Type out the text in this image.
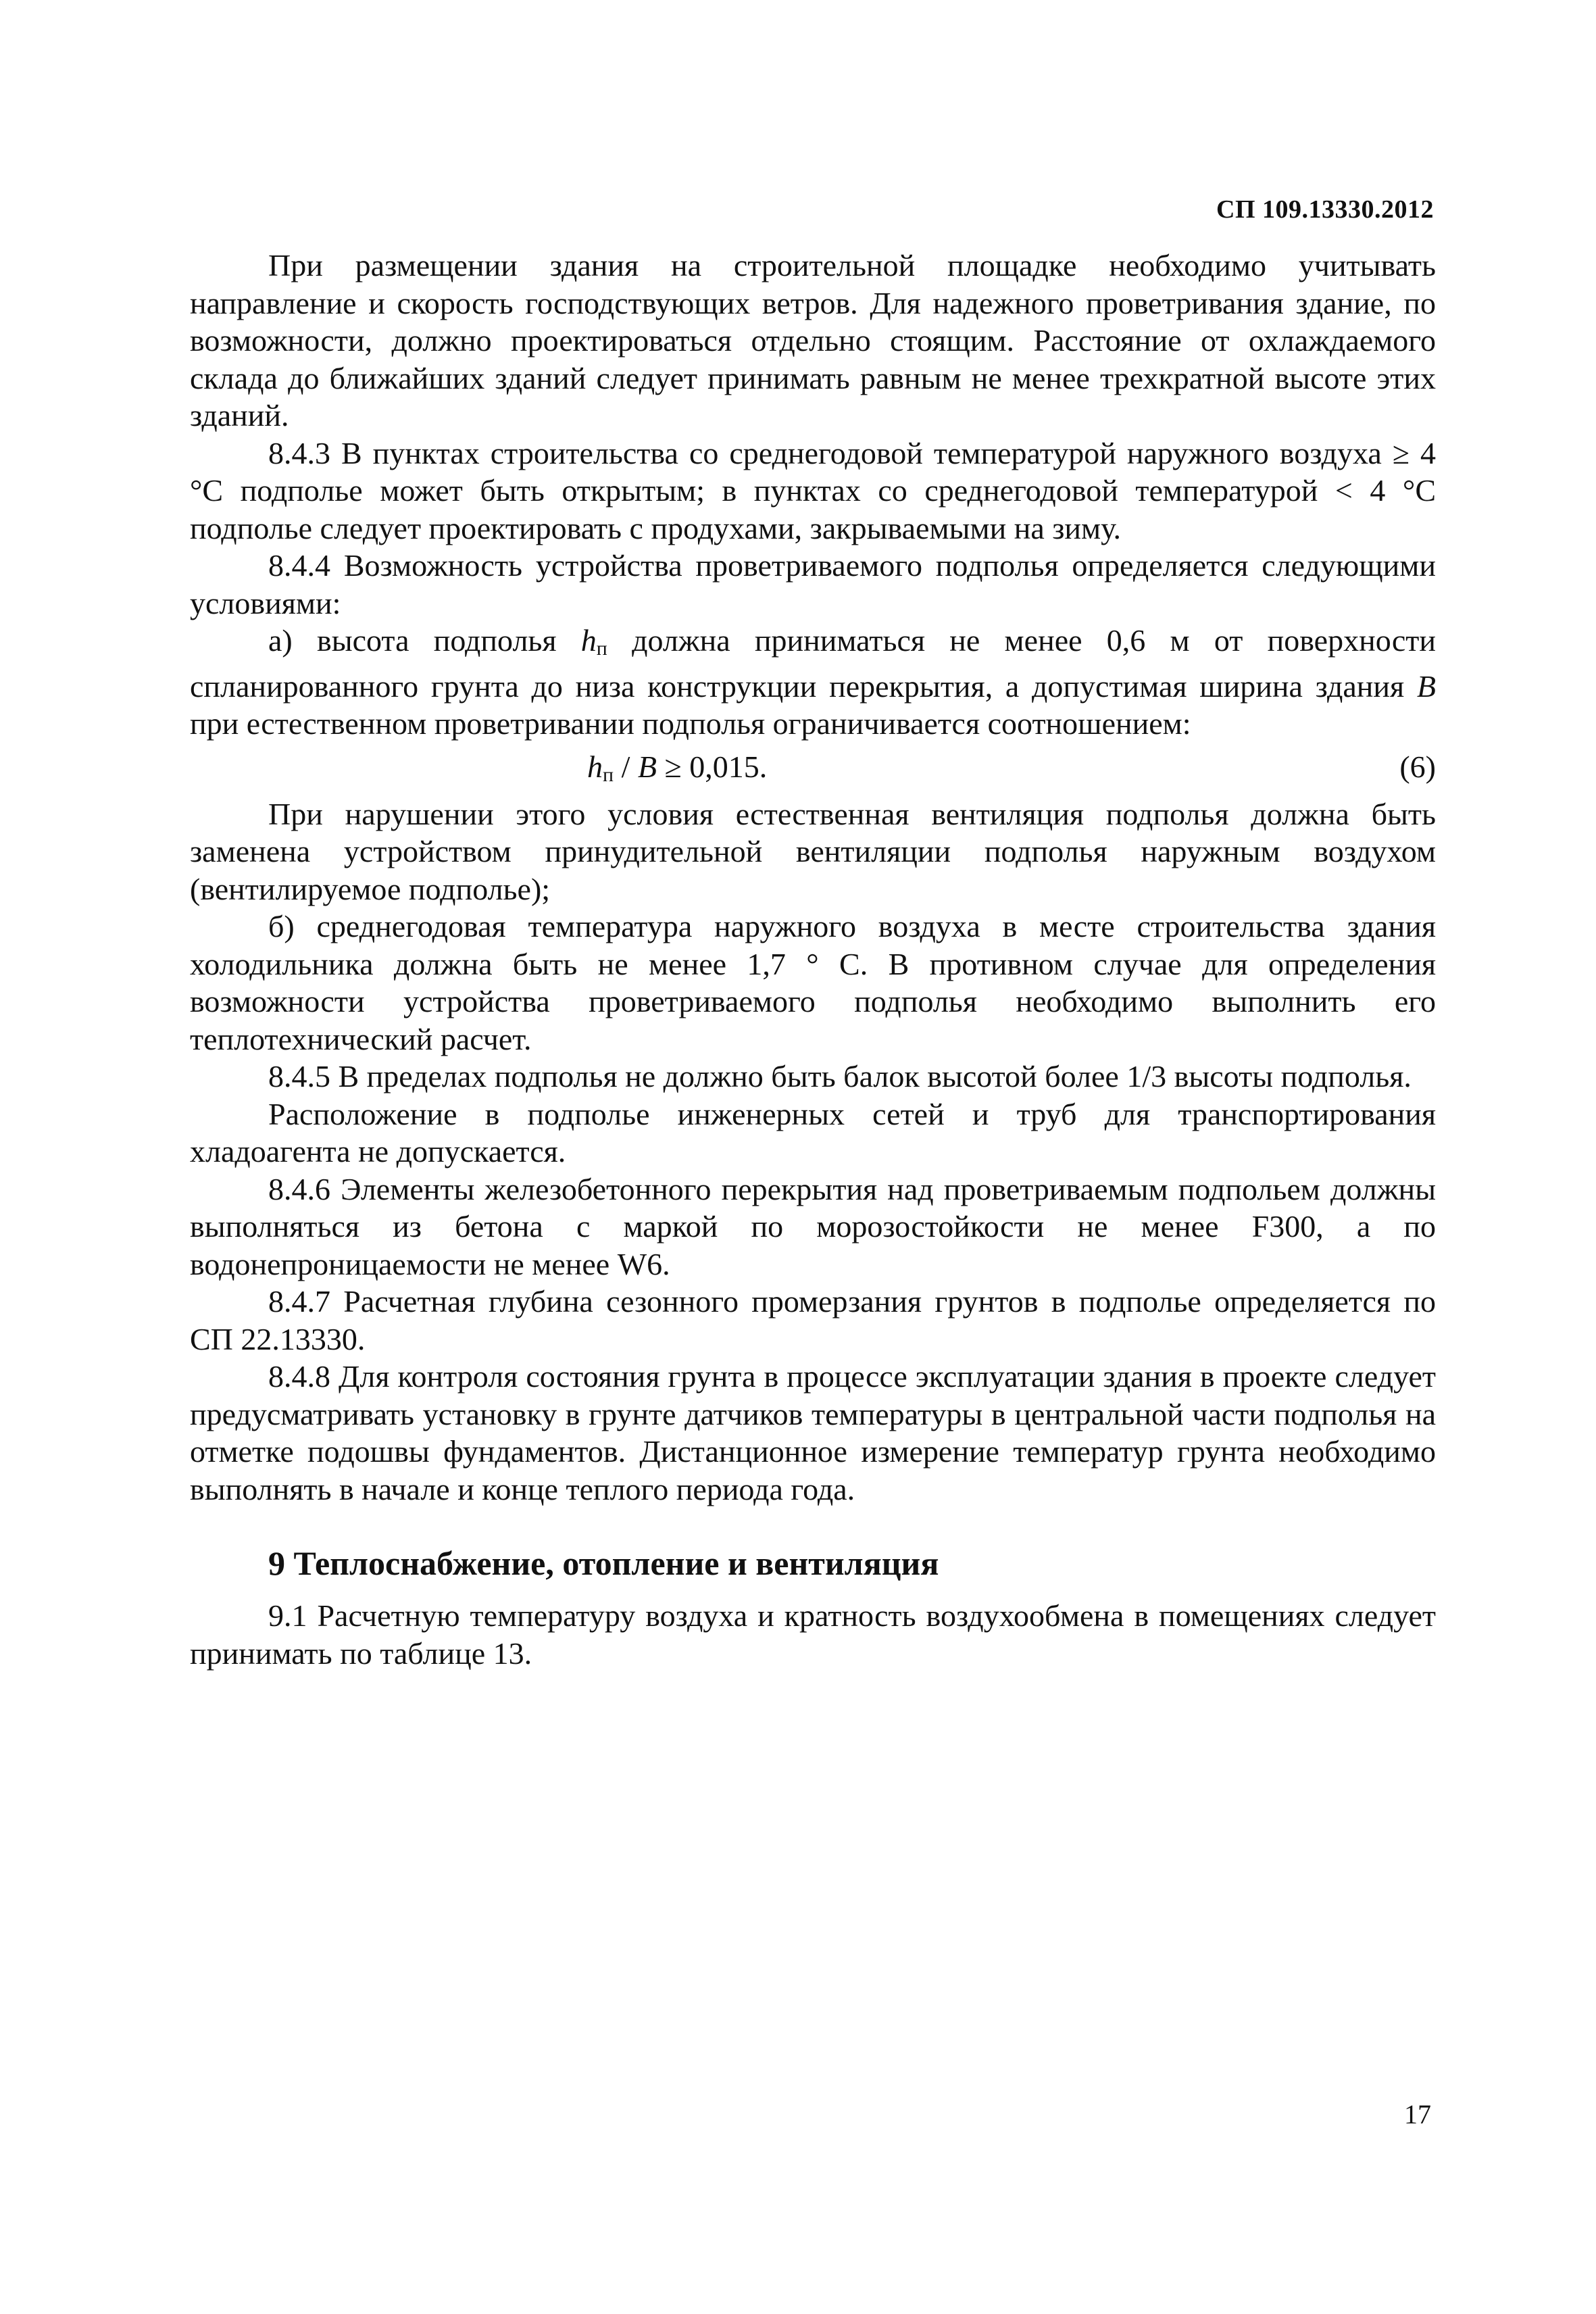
СП 109.13330.2012

При размещении здания на строительной площадке необходимо учитывать направление и скорость господствующих ветров. Для надежного проветривания здание, по возможности, должно проектироваться отдельно стоящим. Расстояние от охлаждаемого склада до ближайших зданий следует принимать равным не менее трехкратной высоте этих зданий.

8.4.3 В пунктах строительства со среднегодовой температурой наружного воздуха ≥ 4 °С подполье может быть открытым; в пунктах со среднегодовой температурой < 4 °С подполье следует проектировать с продухами, закрываемыми на зиму.

8.4.4 Возможность устройства проветриваемого подполья определяется следующими условиями:

а) высота подполья $h_п$ должна приниматься не менее 0,6 м от поверхности спланированного грунта до низа конструкции перекрытия, а допустимая ширина здания B при естественном проветривании подполья ограничивается соотношением:

$h_п / B \ge 0,015$.	(6)

При нарушении этого условия естественная вентиляция подполья должна быть заменена устройством принудительной вентиляции подполья наружным воздухом (вентилируемое подполье);

б) среднегодовая температура наружного воздуха в месте строительства здания холодильника должна быть не менее 1,7 ° С. В противном случае для определения возможности устройства проветриваемого подполья необходимо выполнить его теплотехнический расчет.

8.4.5 В пределах подполья не должно быть балок высотой более 1/3 высоты подполья.

Расположение в подполье инженерных сетей и труб для транспортирования хладоагента не допускается.

8.4.6 Элементы железобетонного перекрытия над проветриваемым подпольем должны выполняться из бетона с маркой по морозостойкости не менее F300, а по водонепроницаемости не менее W6.

8.4.7 Расчетная глубина сезонного промерзания грунтов в подполье определяется по СП 22.13330.

8.4.8 Для контроля состояния грунта в процессе эксплуатации здания в проекте следует предусматривать установку в грунте датчиков температуры в центральной части подполья на отметке подошвы фундаментов. Дистанционное измерение температур грунта необходимо выполнять в начале и конце теплого периода года.

9 Теплоснабжение, отопление и вентиляция

9.1 Расчетную температуру воздуха и кратность воздухообмена в помещениях следует принимать по таблице 13.

17
